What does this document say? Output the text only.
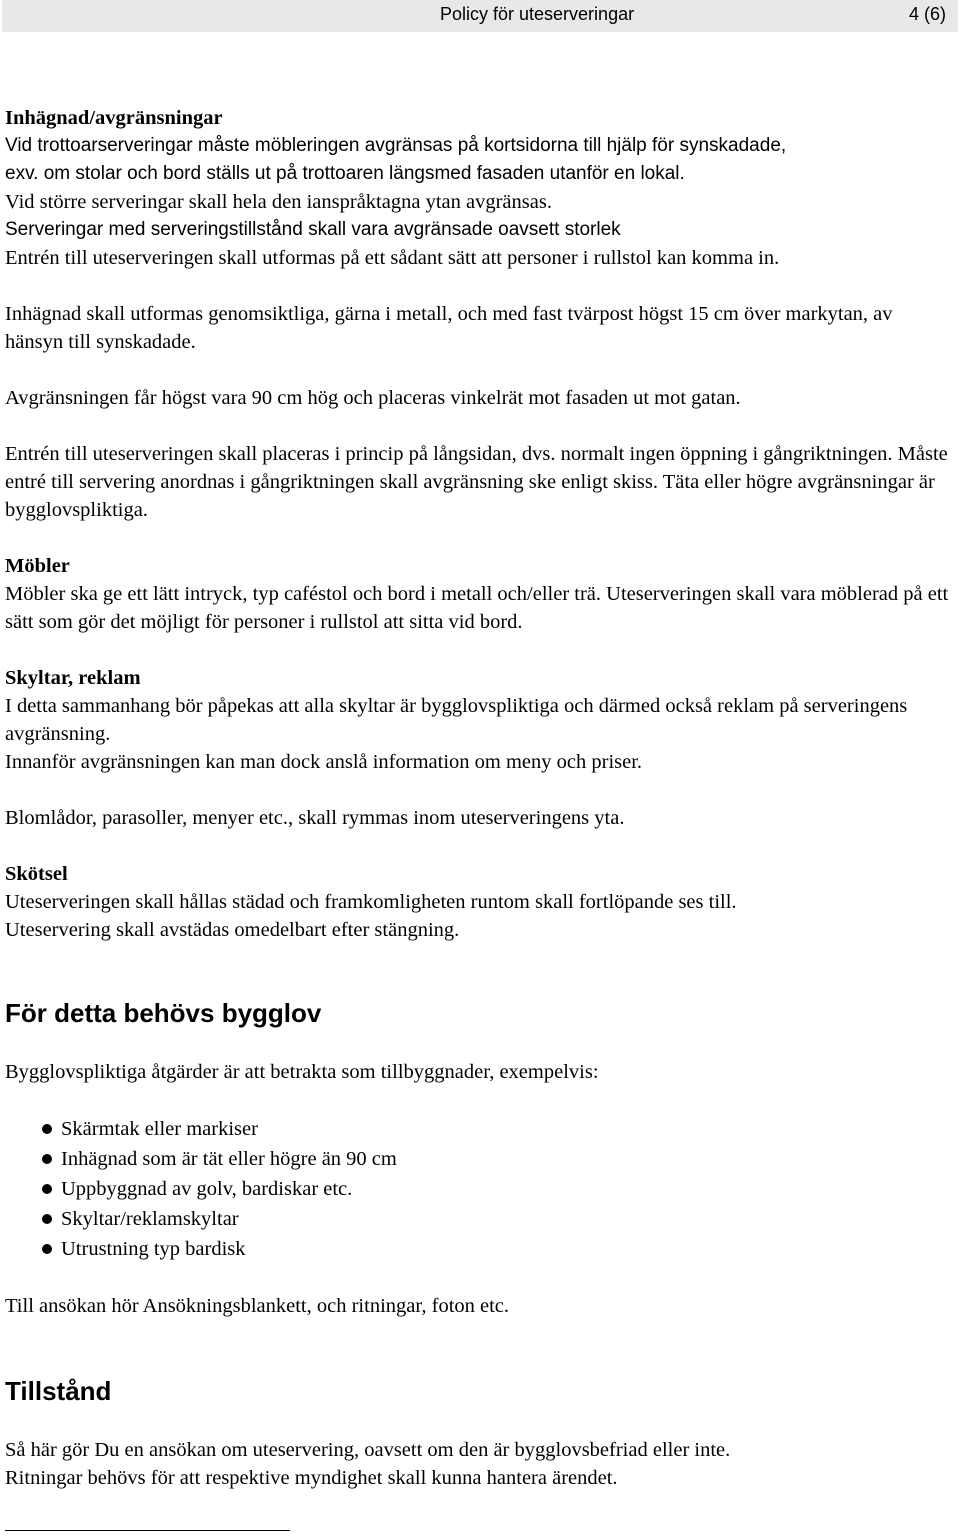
Policy för uteserveringar	4 (6)

Inhägnad/avgränsningar

Vid trottoarserveringar måste möbleringen avgränsas på kortsidorna till hjälp för synskadade,

exv. om stolar och bord ställs ut på trottoaren längsmed fasaden utanför en lokal.

Vid större serveringar skall hela den ianspråktagna ytan avgränsas.

Serveringar med serveringstillstånd skall vara avgränsade oavsett storlek

Entrén till uteserveringen skall utformas på ett sådant sätt att personer i rullstol kan komma in.

Inhägnad skall utformas genomsiktliga, gärna i metall, och med fast tvärpost högst 15 cm över markytan, av hänsyn till synskadade.

Avgränsningen får högst vara 90 cm hög och placeras vinkelrät mot fasaden ut mot gatan.

Entrén till uteserveringen skall placeras i princip på långsidan, dvs. normalt ingen öppning i gångriktningen. Måste entré till servering anordnas i gångriktningen skall avgränsning ske enligt skiss. Täta eller högre avgränsningar är bygglovspliktiga.

Möbler

Möbler ska ge ett lätt intryck, typ caféstol och bord i metall och/eller trä. Uteserveringen skall vara möblerad på ett sätt som gör det möjligt för personer i rullstol att sitta vid bord.

Skyltar, reklam

I detta sammanhang bör påpekas att alla skyltar är bygglovspliktiga och därmed också reklam på serveringens avgränsning.

Innanför avgränsningen kan man dock anslå information om meny och priser.

Blomlådor, parasoller, menyer etc., skall rymmas inom uteserveringens yta.

Skötsel

Uteserveringen skall hållas städad och framkomligheten runtom skall fortlöpande ses till.

Uteservering skall avstädas omedelbart efter stängning.

För detta behövs bygglov

Bygglovspliktiga åtgärder är att betrakta som tillbyggnader, exempelvis:

Skärmtak eller markiser
Inhägnad som är tät eller högre än 90 cm
Uppbyggnad av golv, bardiskar etc.
Skyltar/reklamskyltar
Utrustning typ bardisk

Till ansökan hör Ansökningsblankett, och ritningar, foton etc.

Tillstånd

Så här gör Du en ansökan om uteservering, oavsett om den är bygglovsbefriad eller inte.

Ritningar behövs för att respektive myndighet skall kunna hantera ärendet.
